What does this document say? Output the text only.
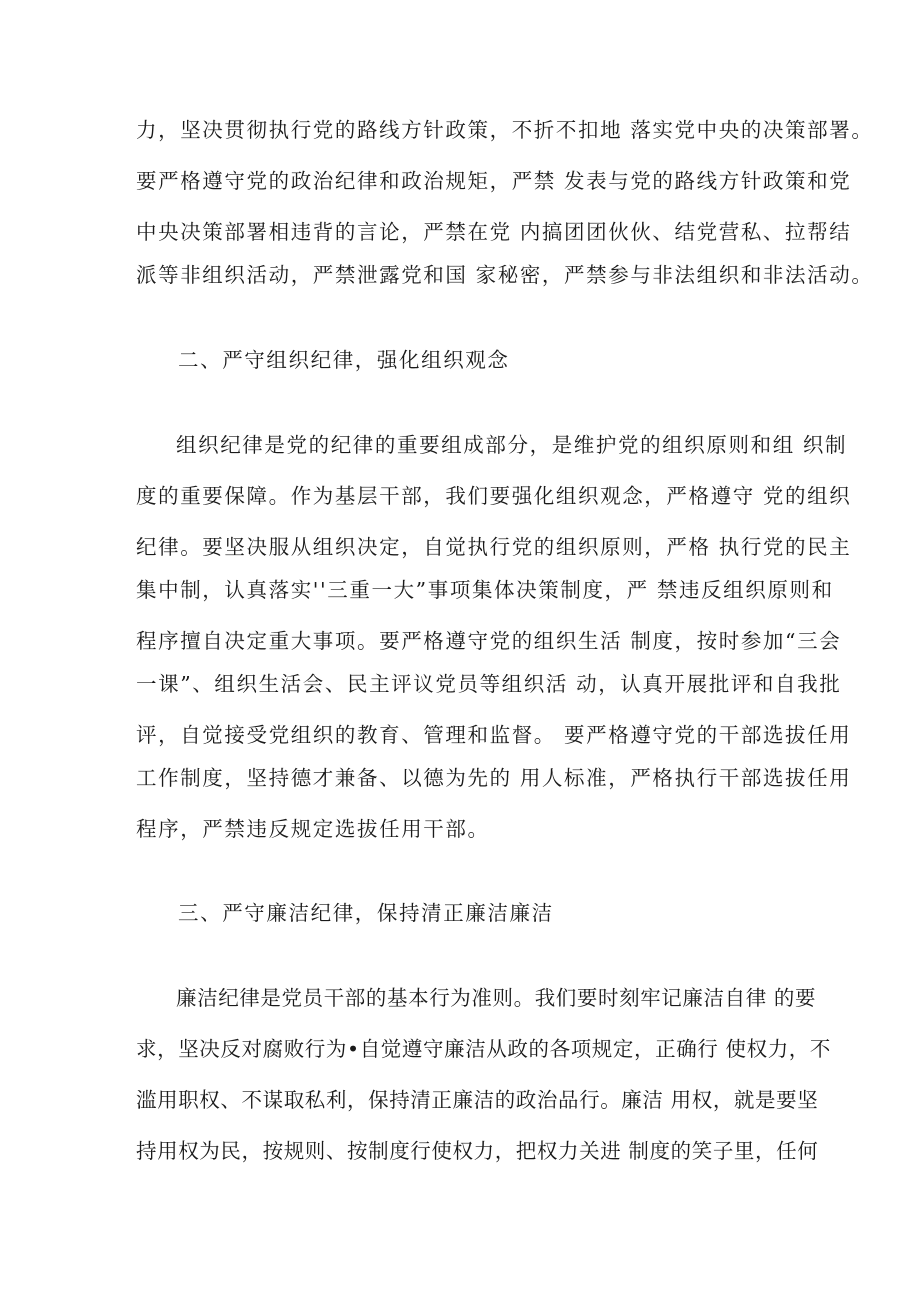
力，坚决贯彻执行党的路线方针政策，不折不扣地 落实党中央的决策部署。
要严格遵守党的政治纪律和政治规矩，严禁 发表与党的路线方针政策和党
中央决策部署相违背的言论，严禁在党 内搞团团伙伙、结党营私、拉帮结
派等非组织活动，严禁泄露党和国 家秘密，严禁参与非法组织和非法活动。
二、严守组织纪律，强化组织观念
组织纪律是党的纪律的重要组成部分，是维护党的组织原则和组 织制
度的重要保障。作为基层干部，我们要强化组织观念，严格遵守 党的组织
纪律。要坚决服从组织决定，自觉执行党的组织原则，严格 执行党的民主
集中制，认真落实''三重一大”事项集体决策制度，严 禁违反组织原则和
程序擅自决定重大事项。要严格遵守党的组织生活 制度，按时参加“三会
一课”、组织生活会、民主评议党员等组织活 动，认真开展批评和自我批
评，自觉接受党组织的教育、管理和监督。 要严格遵守党的干部选拔任用
工作制度，坚持德才兼备、以德为先的 用人标准，严格执行干部选拔任用
程序，严禁违反规定选拔任用干部。
三、严守廉洁纪律，保持清正廉洁廉洁
廉洁纪律是党员干部的基本行为准则。我们要时刻牢记廉洁自律 的要
求，坚决反对腐败行为•自觉遵守廉洁从政的各项规定，正确行 使权力，不
滥用职权、不谋取私利，保持清正廉洁的政治品行。廉洁 用权，就是要坚
持用权为民，按规则、按制度行使权力，把权力关进 制度的笑子里，任何
